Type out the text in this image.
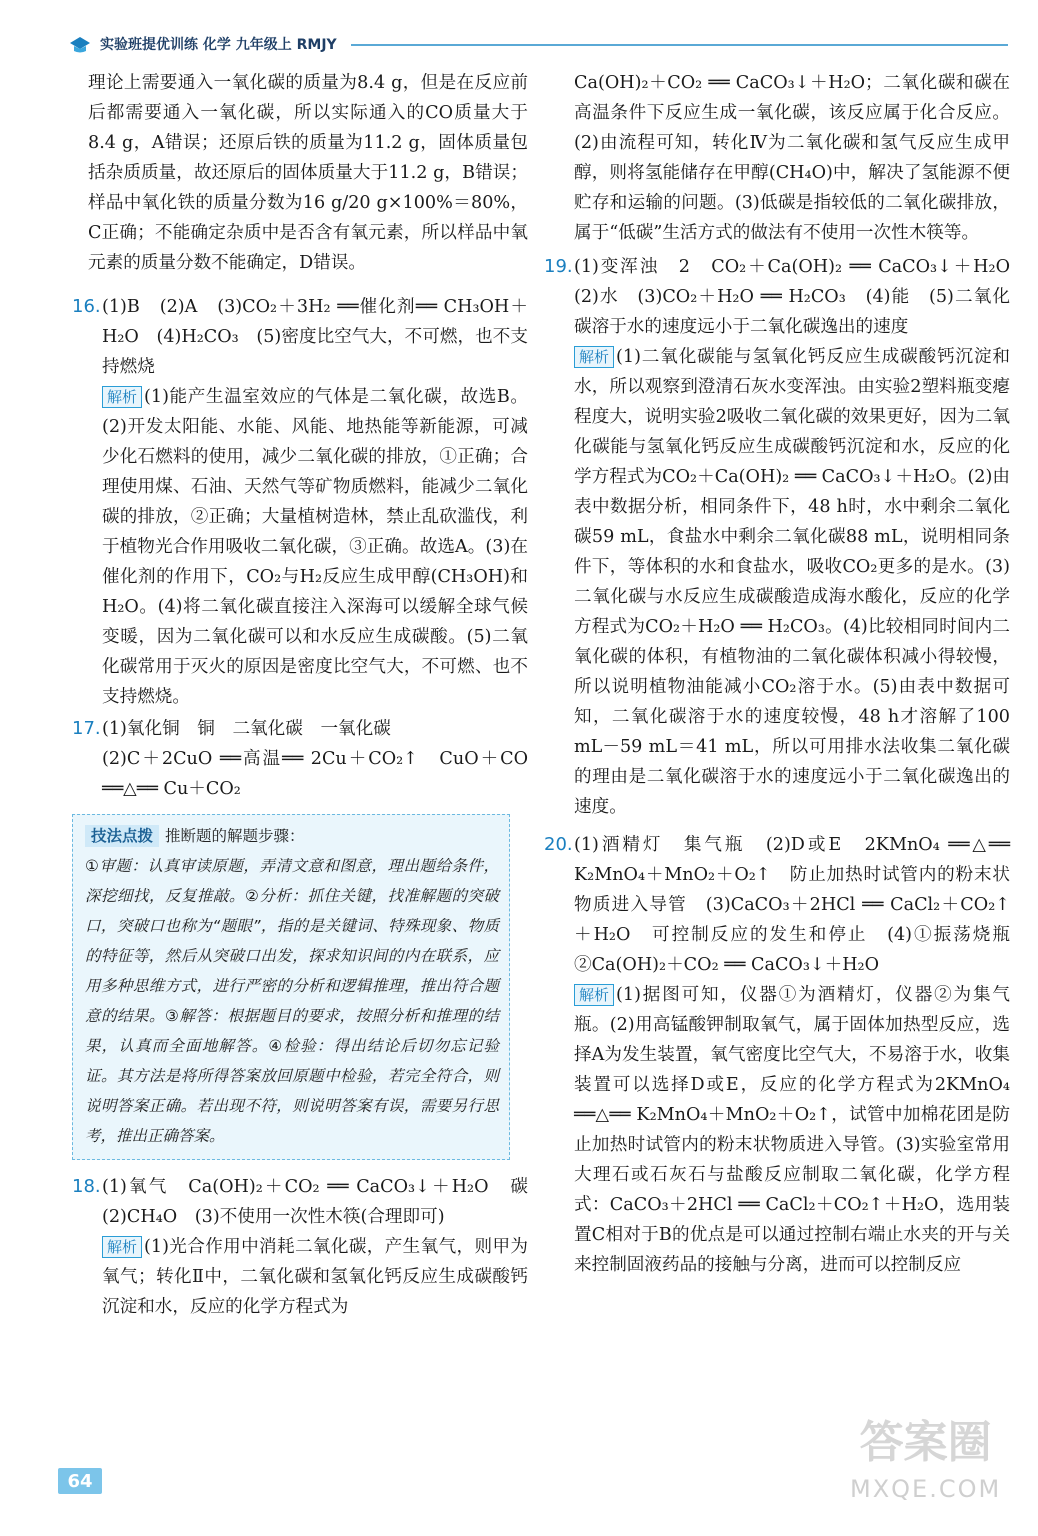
实验班提优训练 化学 九年级上 RMJY

理论上需要通入一氧化碳的质量为8.4 g，但是在反应前后都需要通入一氧化碳，所以实际通入的CO质量大于8.4 g，A错误；还原后铁的质量为11.2 g，固体质量包括杂质质量，故还原后的固体质量大于11.2 g，B错误；样品中氧化铁的质量分数为16 g/20 g×100%＝80%，C正确；不能确定杂质中是否含有氧元素，所以样品中氧元素的质量分数不能确定，D错误。

16.(1)B　(2)A　(3)CO₂＋3H₂ ══催化剂══ CH₃OH＋H₂O　(4)H₂CO₃　(5)密度比空气大，不可燃，也不支持燃烧

解析 (1)能产生温室效应的气体是二氧化碳，故选B。(2)开发太阳能、水能、风能、地热能等新能源，可减少化石燃料的使用，减少二氧化碳的排放，①正确；合理使用煤、石油、天然气等矿物质燃料，能减少二氧化碳的排放，②正确；大量植树造林，禁止乱砍滥伐，利于植物光合作用吸收二氧化碳，③正确。故选A。(3)在催化剂的作用下，CO₂与H₂反应生成甲醇(CH₃OH)和H₂O。(4)将二氧化碳直接注入深海可以缓解全球气候变暖，因为二氧化碳可以和水反应生成碳酸。(5)二氧化碳常用于灭火的原因是密度比空气大，不可燃、也不支持燃烧。

17.(1)氧化铜　铜　二氧化碳　一氧化碳

(2)C＋2CuO ══高温══ 2Cu＋CO₂↑　CuO＋CO ══△══ Cu＋CO₂

技法点拨 推断题的解题步骤：
①审题：认真审读原题，弄清文意和图意，理出题给条件，深挖细找，反复推敲。②分析：抓住关键，找准解题的突破口，突破口也称为“题眼”，指的是关键词、特殊现象、物质的特征等，然后从突破口出发，探求知识间的内在联系，应用多种思维方式，进行严密的分析和逻辑推理，推出符合题意的结果。③解答：根据题目的要求，按照分析和推理的结果，认真而全面地解答。④检验：得出结论后切勿忘记验证。其方法是将所得答案放回原题中检验，若完全符合，则说明答案正确。若出现不符，则说明答案有误，需要另行思考，推出正确答案。

18.(1)氧气　Ca(OH)₂＋CO₂ ══ CaCO₃↓＋H₂O　碳　(2)CH₄O　(3)不使用一次性木筷(合理即可)

解析 (1)光合作用中消耗二氧化碳，产生氧气，则甲为氧气；转化Ⅱ中，二氧化碳和氢氧化钙反应生成碳酸钙沉淀和水，反应的化学方程式为

Ca(OH)₂＋CO₂ ══ CaCO₃↓＋H₂O；二氧化碳和碳在高温条件下反应生成一氧化碳，该反应属于化合反应。(2)由流程可知，转化Ⅳ为二氧化碳和氢气反应生成甲醇，则将氢能储存在甲醇(CH₄O)中，解决了氢能源不便贮存和运输的问题。(3)低碳是指较低的二氧化碳排放，属于“低碳”生活方式的做法有不使用一次性木筷等。

19.(1)变浑浊　2　CO₂＋Ca(OH)₂ ══ CaCO₃↓＋H₂O　(2)水　(3)CO₂＋H₂O ══ H₂CO₃　(4)能　(5)二氧化碳溶于水的速度远小于二氧化碳逸出的速度

解析 (1)二氧化碳能与氢氧化钙反应生成碳酸钙沉淀和水，所以观察到澄清石灰水变浑浊。由实验2塑料瓶变瘪程度大，说明实验2吸收二氧化碳的效果更好，因为二氧化碳能与氢氧化钙反应生成碳酸钙沉淀和水，反应的化学方程式为CO₂＋Ca(OH)₂ ══ CaCO₃↓＋H₂O。(2)由表中数据分析，相同条件下，48 h时，水中剩余二氧化碳59 mL，食盐水中剩余二氧化碳88 mL，说明相同条件下，等体积的水和食盐水，吸收CO₂更多的是水。(3)二氧化碳与水反应生成碳酸造成海水酸化，反应的化学方程式为CO₂＋H₂O ══ H₂CO₃。(4)比较相同时间内二氧化碳的体积，有植物油的二氧化碳体积减小得较慢，所以说明植物油能减小CO₂溶于水。(5)由表中数据可知，二氧化碳溶于水的速度较慢，48 h才溶解了100 mL－59 mL＝41 mL，所以可用排水法收集二氧化碳的理由是二氧化碳溶于水的速度远小于二氧化碳逸出的速度。

20.(1)酒精灯　集气瓶　(2)D或E　2KMnO₄ ══△══ K₂MnO₄＋MnO₂＋O₂↑　防止加热时试管内的粉末状物质进入导管　(3)CaCO₃＋2HCl ══ CaCl₂＋CO₂↑＋H₂O　可控制反应的发生和停止　(4)①振荡烧瓶　②Ca(OH)₂＋CO₂ ══ CaCO₃↓＋H₂O

解析 (1)据图可知，仪器①为酒精灯，仪器②为集气瓶。(2)用高锰酸钾制取氧气，属于固体加热型反应，选择A为发生装置，氧气密度比空气大，不易溶于水，收集装置可以选择D或E，反应的化学方程式为2KMnO₄ ══△══ K₂MnO₄＋MnO₂＋O₂↑，试管中加棉花团是防止加热时试管内的粉末状物质进入导管。(3)实验室常用大理石或石灰石与盐酸反应制取二氧化碳，化学方程式：CaCO₃＋2HCl ══ CaCl₂＋CO₂↑＋H₂O，选用装置C相对于B的优点是可以通过控制右端止水夹的开与关来控制固液药品的接触与分离，进而可以控制反应

64
答案圈
MXQE.COM
